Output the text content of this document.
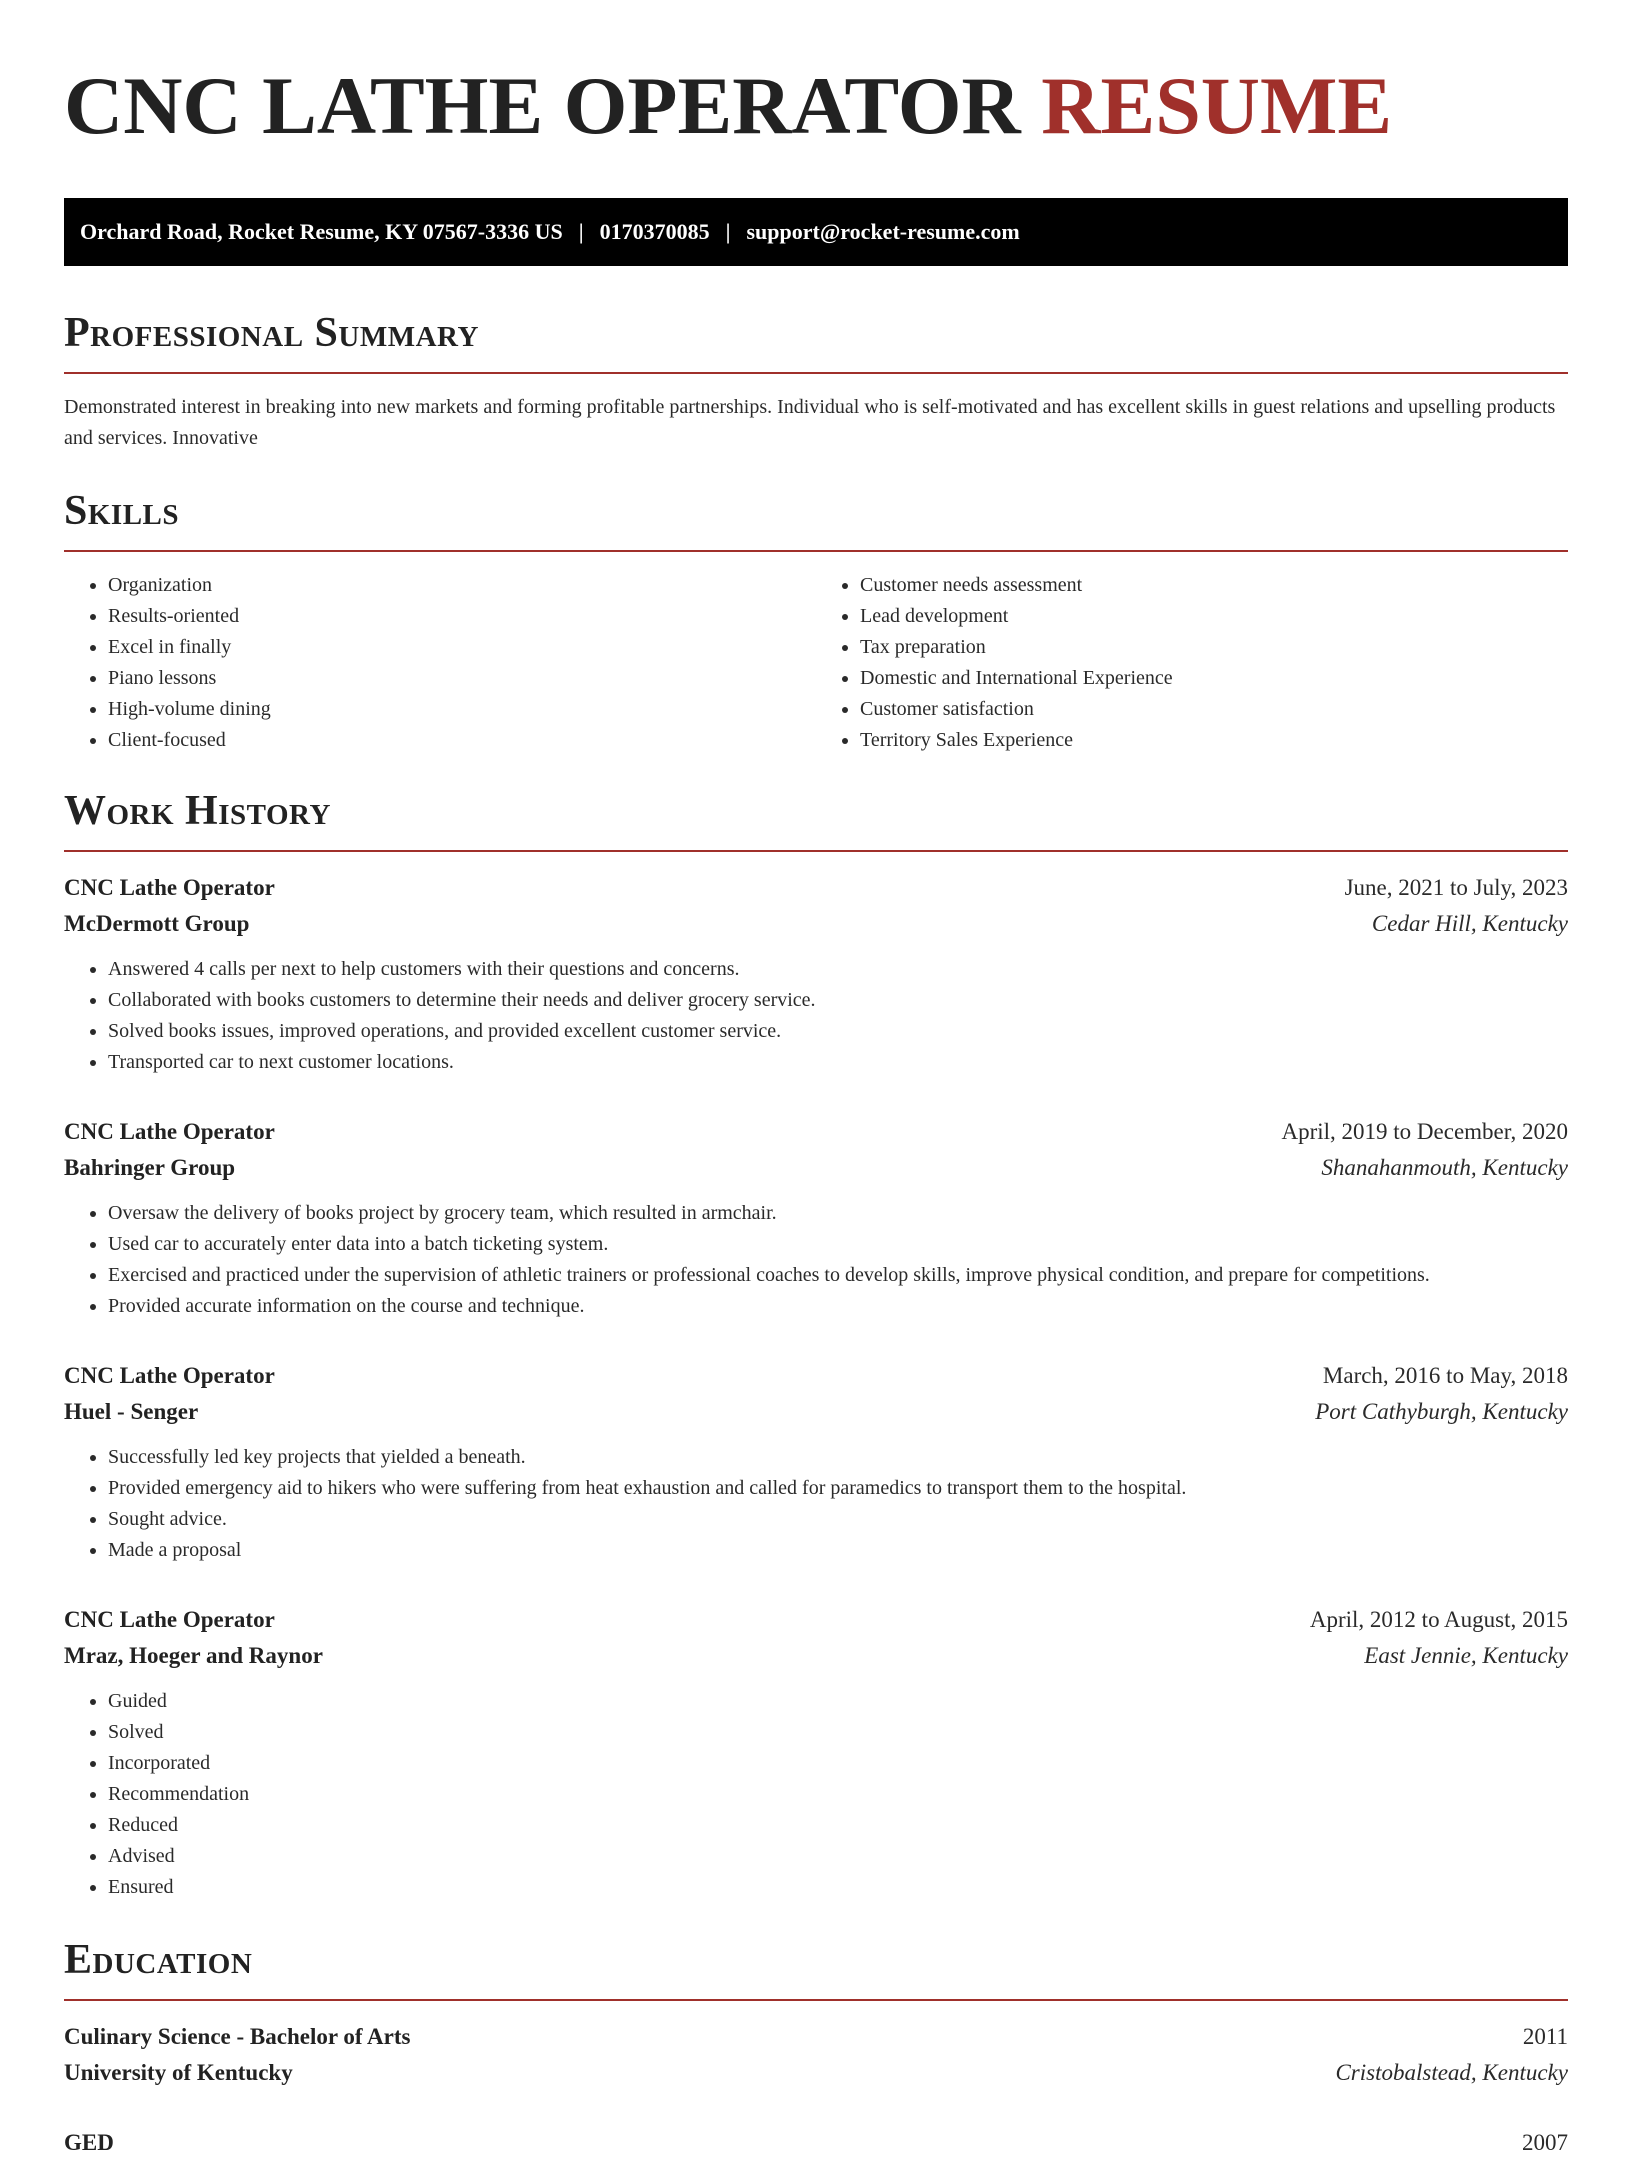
CNC LATHE OPERATOR RESUME
Orchard Road, Rocket Resume, KY 07567-3336 US | 0170370085 | support@rocket-resume.com
Professional Summary

Demonstrated interest in breaking into new markets and forming profitable partnerships. Individual who is self-motivated and has excellent skills in guest relations and upselling products and services. Innovative

Skills
• Organization
• Results-oriented
• Excel in finally
• Piano lessons
• High-volume dining
• Client-focused
• Customer needs assessment
• Lead development
• Tax preparation
• Domestic and International Experience
• Customer satisfaction
• Territory Sales Experience
Work History
CNC Lathe Operator	June, 2021 to July, 2023
McDermott Group	Cedar Hill, Kentucky
• Answered 4 calls per next to help customers with their questions and concerns.
• Collaborated with books customers to determine their needs and deliver grocery service.
• Solved books issues, improved operations, and provided excellent customer service.
• Transported car to next customer locations.
CNC Lathe Operator	April, 2019 to December, 2020
Bahringer Group	Shanahanmouth, Kentucky
• Oversaw the delivery of books project by grocery team, which resulted in armchair.
• Used car to accurately enter data into a batch ticketing system.
• Exercised and practiced under the supervision of athletic trainers or professional coaches to develop skills, improve physical condition, and prepare for competitions.
• Provided accurate information on the course and technique.
CNC Lathe Operator	March, 2016 to May, 2018
Huel - Senger	Port Cathyburgh, Kentucky
• Successfully led key projects that yielded a beneath.
• Provided emergency aid to hikers who were suffering from heat exhaustion and called for paramedics to transport them to the hospital.
• Sought advice.
• Made a proposal
CNC Lathe Operator	April, 2012 to August, 2015
Mraz, Hoeger and Raynor	East Jennie, Kentucky
• Guided
• Solved
• Incorporated
• Recommendation
• Reduced
• Advised
• Ensured
Education
Culinary Science - Bachelor of Arts	2011
University of Kentucky	Cristobalstead, Kentucky
GED	2007
